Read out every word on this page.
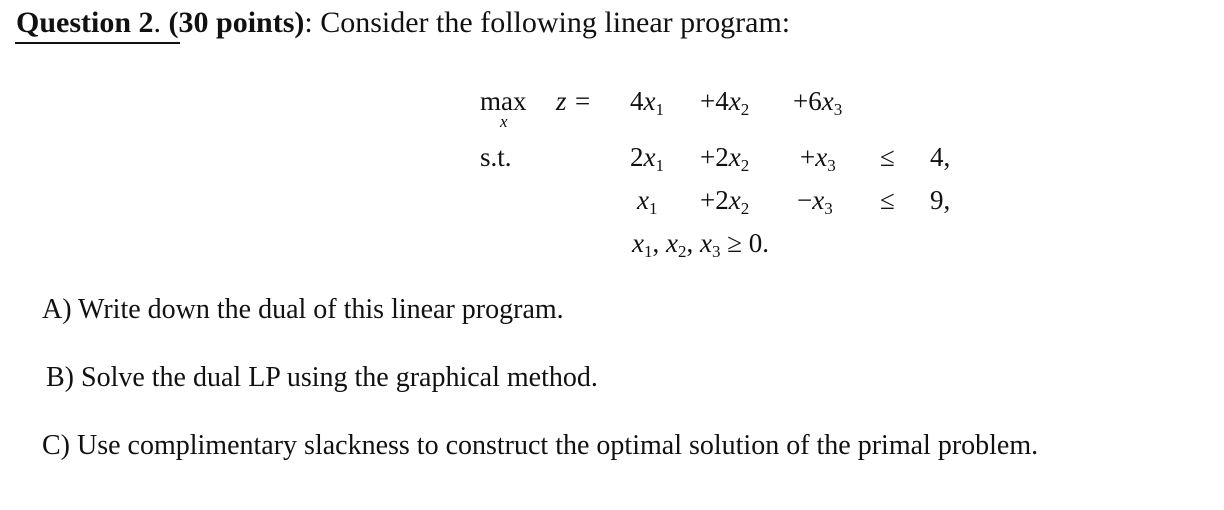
Question 2. (30 points): Consider the following linear program:
max
x
z =
s.t.
$4x_1 +4x_2 +6x_3$
$2x_1 +2x_2 +x_3 \le 4$,
$x_1 +2x_2 -x_3 \le 9$,
$x_1$, $x_2$, $x_3 \ge 0$.
A) Write down the dual of this linear program.
B) Solve the dual LP using the graphical method.
C) Use complimentary slackness to construct the optimal solution of the primal problem.
